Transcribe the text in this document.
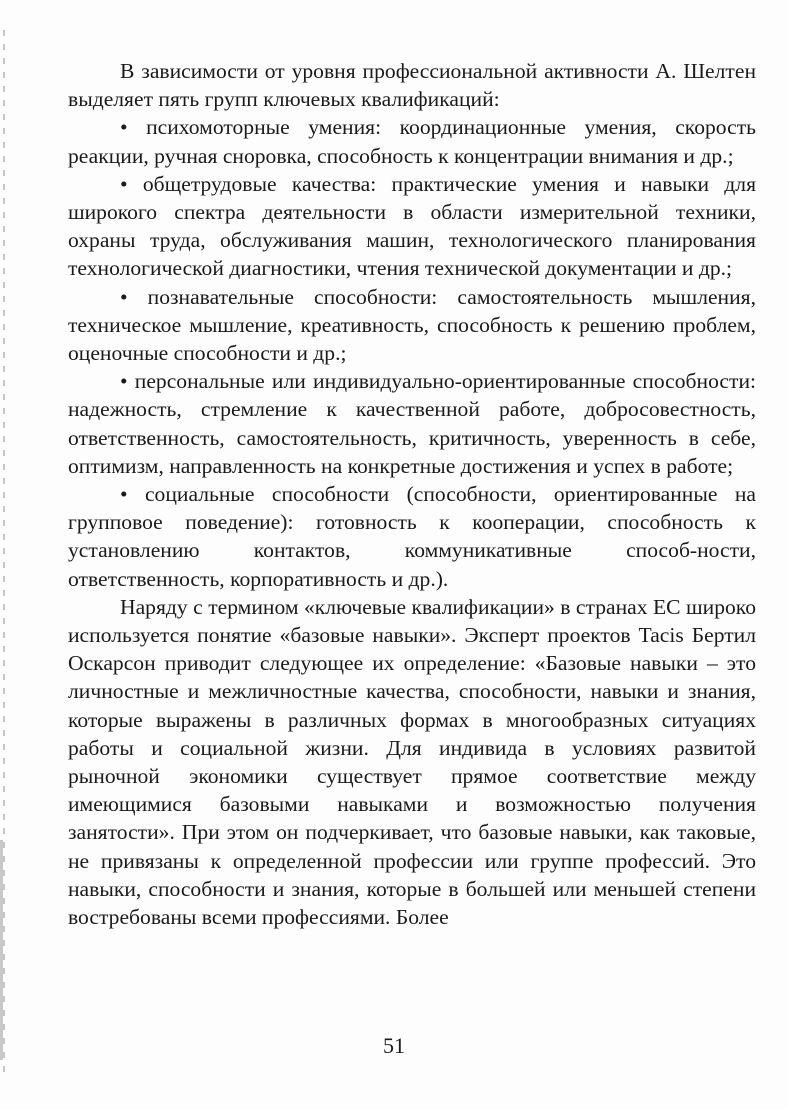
В зависимости от уровня профессиональной активности А. Шелтен выделяет пять групп ключевых квалификаций:

• психомоторные умения: координационные умения, скорость реакции, ручная сноровка, способность к концентрации внимания и др.;

• общетрудовые качества: практические умения и навыки для широкого спектра деятельности в области измерительной техники, охраны труда, обслуживания машин, технологического планирования технологической диагностики, чтения технической документации и др.;

• познавательные способности: самостоятельность мышления, техническое мышление, креативность, способность к решению проблем, оценочные способности и др.;

• персональные или индивидуально-ориентированные способности: надежность, стремление к качественной работе, добросовестность, ответственность, самостоятельность, критичность, уверенность в себе, оптимизм, направленность на конкретные достижения и успех в работе;

• социальные способности (способности, ориентированные на групповое поведение): готовность к кооперации, способность к установлению контактов, коммуникативные способ-ности, ответственность, корпоративность и др.).

Наряду с термином «ключевые квалификации» в странах ЕС широко используется понятие «базовые навыки». Эксперт проектов Tacis Бертил Оскарсон приводит следующее их определение: «Базовые навыки – это личностные и межличностные качества, способности, навыки и знания, которые выражены в различных формах в многообразных ситуациях работы и социальной жизни. Для индивида в условиях развитой рыночной экономики существует прямое соответствие между имеющимися базовыми навыками и возможностью получения занятости». При этом он подчеркивает, что базовые навыки, как таковые, не привязаны к определенной профессии или группе профессий. Это навыки, способности и знания, которые в большей или меньшей степени востребованы всеми профессиями. Более

51
